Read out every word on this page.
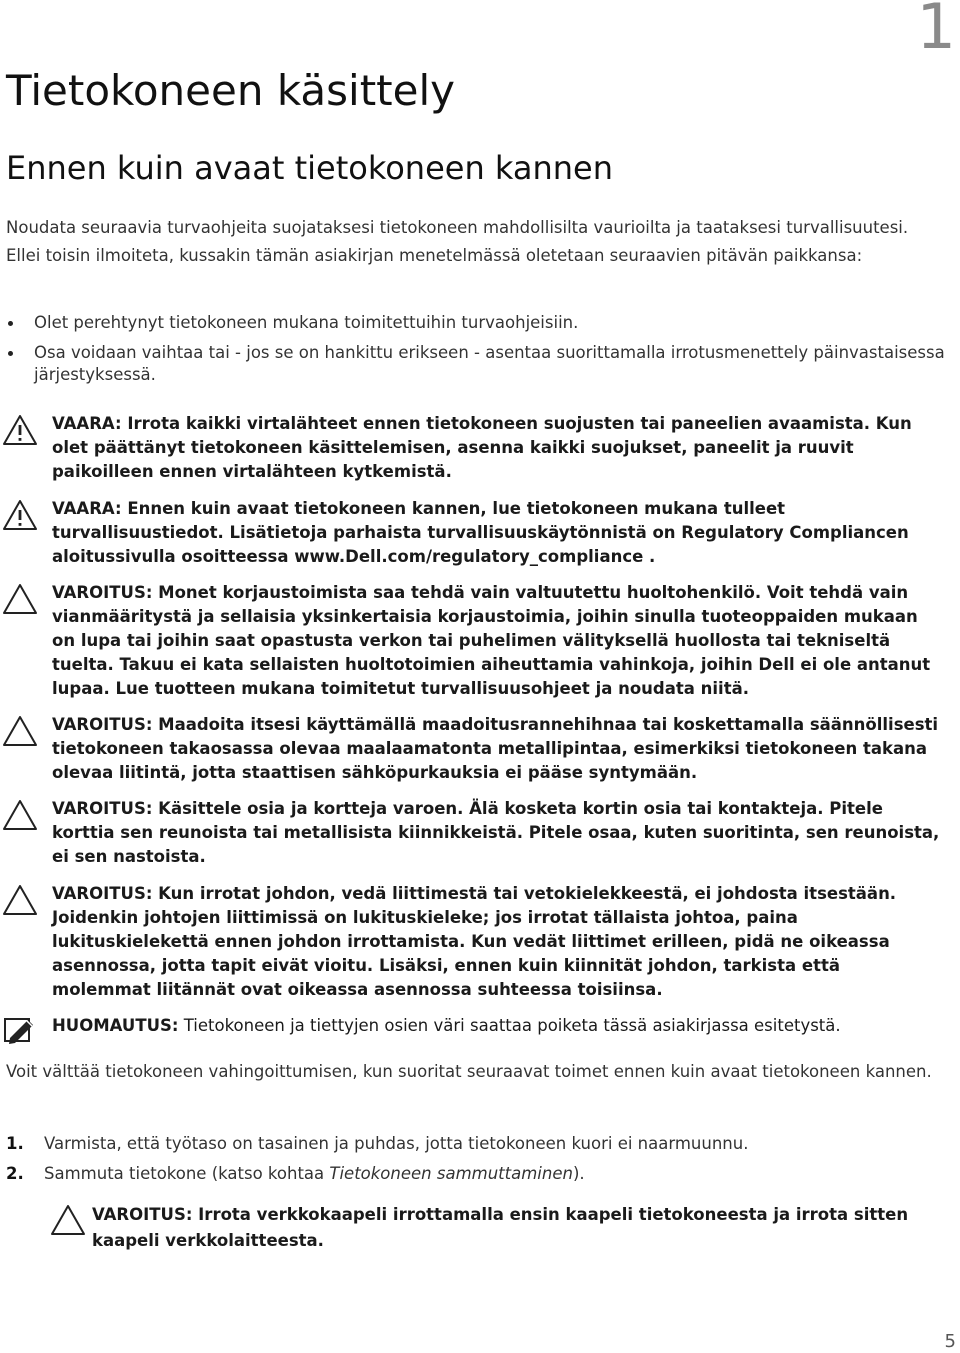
1
Tietokoneen käsittely
Ennen kuin avaat tietokoneen kannen

Noudata seuraavia turvaohjeita suojataksesi tietokoneen mahdollisilta vaurioilta ja taataksesi turvallisuutesi. Ellei toisin ilmoiteta, kussakin tämän asiakirjan menetelmässä oletetaan seuraavien pitävän paikkansa:

Olet perehtynyt tietokoneen mukana toimitettuihin turvaohjeisiin.
Osa voidaan vaihtaa tai - jos se on hankittu erikseen - asentaa suorittamalla irrotusmenettely päinvastaisessa järjestyksessä.
VAARA: Irrota kaikki virtalähteet ennen tietokoneen suojusten tai paneelien avaamista. Kun olet päättänyt tietokoneen käsittelemisen, asenna kaikki suojukset, paneelit ja ruuvit paikoilleen ennen virtalähteen kytkemistä.
VAARA: Ennen kuin avaat tietokoneen kannen, lue tietokoneen mukana tulleet turvallisuustiedot. Lisätietoja parhaista turvallisuuskäytönnistä on Regulatory Compliancen aloitussivulla osoitteessa www.Dell.com/regulatory_compliance .
VAROITUS: Monet korjaustoimista saa tehdä vain valtuutettu huoltohenkilö. Voit tehdä vain vianmääritystä ja sellaisia yksinkertaisia korjaustoimia, joihin sinulla tuoteoppaiden mukaan on lupa tai joihin saat opastusta verkon tai puhelimen välityksellä huollosta tai tekniseltä tuelta. Takuu ei kata sellaisten huoltotoimien aiheuttamia vahinkoja, joihin Dell ei ole antanut lupaa. Lue tuotteen mukana toimitetut turvallisuusohjeet ja noudata niitä.
VAROITUS: Maadoita itsesi käyttämällä maadoitusrannehihnaa tai koskettamalla säännöllisesti tietokoneen takaosassa olevaa maalaamatonta metallipintaa, esimerkiksi tietokoneen takana olevaa liitintä, jotta staattisen sähköpurkauksia ei pääse syntymään.
VAROITUS: Käsittele osia ja kortteja varoen. Älä kosketa kortin osia tai kontakteja. Pitele korttia sen reunoista tai metallisista kiinnikkeistä. Pitele osaa, kuten suoritinta, sen reunoista, ei sen nastoista.
VAROITUS: Kun irrotat johdon, vedä liittimestä tai vetokielekkeestä, ei johdosta itsestään. Joidenkin johtojen liittimissä on lukituskieleke; jos irrotat tällaista johtoa, paina lukituskielekettä ennen johdon irrottamista. Kun vedät liittimet erilleen, pidä ne oikeassa asennossa, jotta tapit eivät vioitu. Lisäksi, ennen kuin kiinnität johdon, tarkista että molemmat liitännät ovat oikeassa asennossa suhteessa toisiinsa.
HUOMAUTUS: Tietokoneen ja tiettyjen osien väri saattaa poiketa tässä asiakirjassa esitetystä.

Voit välttää tietokoneen vahingoittumisen, kun suoritat seuraavat toimet ennen kuin avaat tietokoneen kannen.

1. Varmista, että työtaso on tasainen ja puhdas, jotta tietokoneen kuori ei naarmuunnu.
2. Sammuta tietokone (katso kohtaa Tietokoneen sammuttaminen).
VAROITUS: Irrota verkkokaapeli irrottamalla ensin kaapeli tietokoneesta ja irrota sitten kaapeli verkkolaitteesta.
5
